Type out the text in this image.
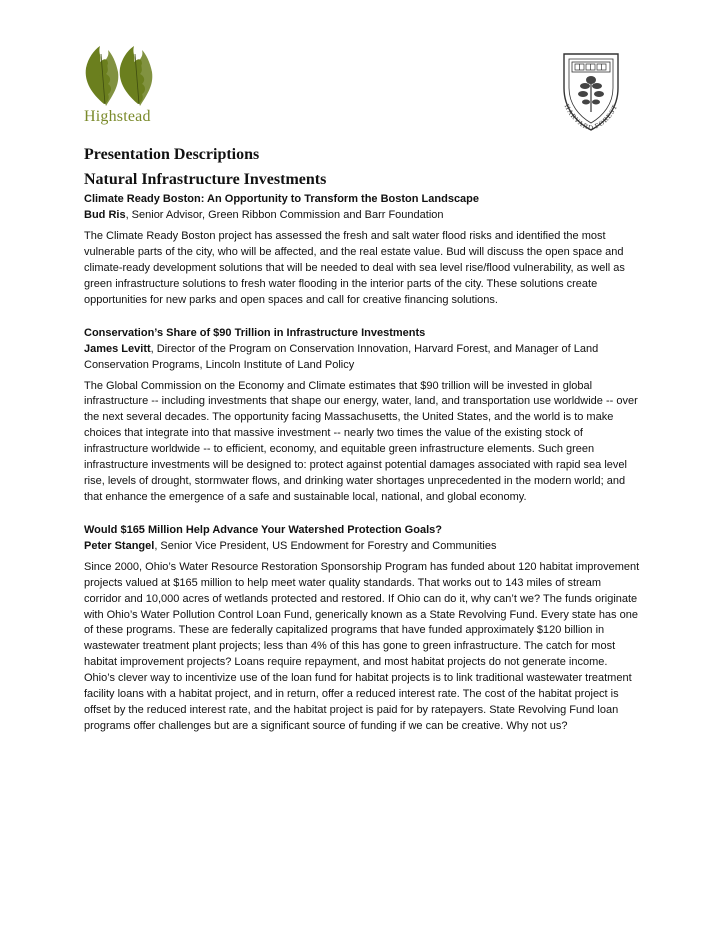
Highstead
HARVARD FOREST
Presentation Descriptions
Natural Infrastructure Investments
Climate Ready Boston: An Opportunity to Transform the Boston Landscape
Bud Ris, Senior Advisor, Green Ribbon Commission and Barr Foundation

The Climate Ready Boston project has assessed the fresh and salt water flood risks and identified the most vulnerable parts of the city, who will be affected, and the real estate value. Bud will discuss the open space and climate-ready development solutions that will be needed to deal with sea level rise/flood vulnerability, as well as green infrastructure solutions to fresh water flooding in the interior parts of the city. These solutions create opportunities for new parks and open spaces and call for creative financing solutions.

Conservation’s Share of $90 Trillion in Infrastructure Investments
James Levitt, Director of the Program on Conservation Innovation, Harvard Forest, and Manager of Land Conservation Programs, Lincoln Institute of Land Policy

The Global Commission on the Economy and Climate estimates that $90 trillion will be invested in global infrastructure -- including investments that shape our energy, water, land, and transportation use worldwide -- over the next several decades. The opportunity facing Massachusetts, the United States, and the world is to make choices that integrate into that massive investment -- nearly two times the value of the existing stock of infrastructure worldwide -- to efficient, economy, and equitable green infrastructure elements. Such green infrastructure investments will be designed to: protect against potential damages associated with rapid sea level rise, levels of drought, stormwater flows, and drinking water shortages unprecedented in the modern world; and that enhance the emergence of a safe and sustainable local, national, and global economy.

Would $165 Million Help Advance Your Watershed Protection Goals?
Peter Stangel, Senior Vice President, US Endowment for Forestry and Communities

Since 2000, Ohio’s Water Resource Restoration Sponsorship Program has funded about 120 habitat improvement projects valued at $165 million to help meet water quality standards. That works out to 143 miles of stream corridor and 10,000 acres of wetlands protected and restored. If Ohio can do it, why can’t we? The funds originate with Ohio’s Water Pollution Control Loan Fund, generically known as a State Revolving Fund. Every state has one of these programs. These are federally capitalized programs that have funded approximately $120 billion in wastewater treatment plant projects; less than 4% of this has gone to green infrastructure. The catch for most habitat improvement projects? Loans require repayment, and most habitat projects do not generate income. Ohio’s clever way to incentivize use of the loan fund for habitat projects is to link traditional wastewater treatment facility loans with a habitat project, and in return, offer a reduced interest rate. The cost of the habitat project is offset by the reduced interest rate, and the habitat project is paid for by ratepayers. State Revolving Fund loan programs offer challenges but are a significant source of funding if we can be creative. Why not us?
